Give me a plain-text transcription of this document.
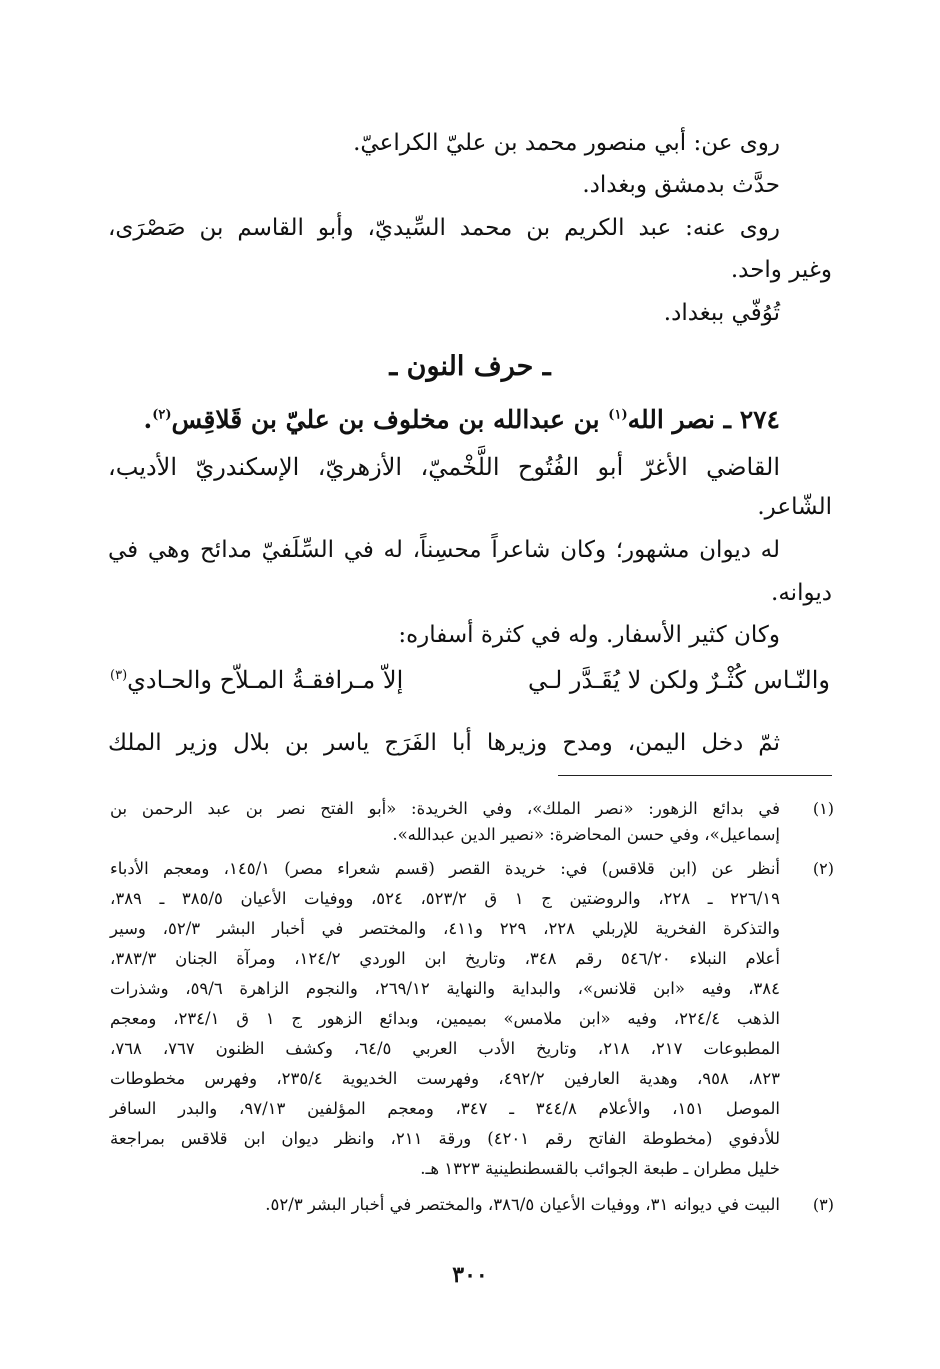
روى عن: أبي منصور محمد بن عليّ الكراعيّ.
حدَّث بدمشق وبغداد.
روى عنه: عبد الكريم بن محمد السِّيديّ، وأبو القاسم بن صَصْرَى،
وغير واحد.
تُوُفّي ببغداد.
ـ حرف النون ـ
٢٧٤ ـ نصر الله$^{(١)}$ بن عبدالله بن مخلوف بن عليّ بن قَلاقِس$^{(٢)}$.
القاضي الأغرّ أبو الفُتُوح اللَّخْميّ، الأزهريّ، الإسكندريّ الأديب،
الشّاعر.
له ديوان مشهور؛ وكان شاعراً محسِناً، له في السِّلَفيّ مدائح وهي في
ديوانه.
وكان كثير الأسفار. وله في كثرة أسفاره:
والنّـاس كُثْـرٌ ولكن لا يُقَـدَّر لـي
إلاّ مـرافقـةُ المـلاّح والحـادي$^{(٣)}$
ثمّ دخل اليمن، ومدح وزيرها أبا الفَرَج ياسر بن بلال وزير الملك
(١)
في بدائع الزهور: «نصر الملك»، وفي الخريدة: «أبو الفتح نصر بن عبد الرحمن بن
إسماعيل»، وفي حسن المحاضرة: «نصير الدين عبدالله».
(٢)
أنظر عن (ابن قلاقس) في: خريدة القصر (قسم شعراء مصر) ١٤٥/١، ومعجم الأدباء
٢٢٦/١٩ ـ ٢٢٨، والروضتين ج ١ ق ٥٢٣/٢، ٥٢٤، ووفيات الأعيان ٣٨٥/٥ ـ ٣٨٩،
والتذكرة الفخرية للإربلي ٢٢٨، ٢٢٩ و٤١١، والمختصر في أخبار البشر ٥٢/٣، وسير
أعلام النبلاء ٥٤٦/٢٠ رقم ٣٤٨، وتاريخ ابن الوردي ١٢٤/٢، ومرآة الجنان ٣٨٣/٣،
٣٨٤، وفيه «ابن قلانس»، والبداية والنهاية ٢٦٩/١٢، والنجوم الزاهرة ٥٩/٦، وشذرات
الذهب ٢٢٤/٤، وفيه «ابن ملامس» بميمين، وبدائع الزهور ج ١ ق ٢٣٤/١، ومعجم
المطبوعات ٢١٧، ٢١٨، وتاريخ الأدب العربي ٦٤/٥، وكشف الظنون ٧٦٧، ٧٦٨،
٨٢٣، ٩٥٨، وهدية العارفين ٤٩٢/٢، وفهرست الخديوية ٢٣٥/٤، وفهرس مخطوطات
الموصل ١٥١، والأعلام ٣٤٤/٨ ـ ٣٤٧، ومعجم المؤلفين ٩٧/١٣، والبدر السافر
للأدفوي (مخطوطة الفاتح رقم ٤٢٠١) ورقة ٢١١، وانظر ديوان ابن قلاقس بمراجعة
خليل مطران ـ طبعة الجوائب بالقسطنطينية ١٣٢٣ هـ.
(٣)
البيت في ديوانه ٣١، ووفيات الأعيان ٣٨٦/٥، والمختصر في أخبار البشر ٥٢/٣.
٣٠٠
